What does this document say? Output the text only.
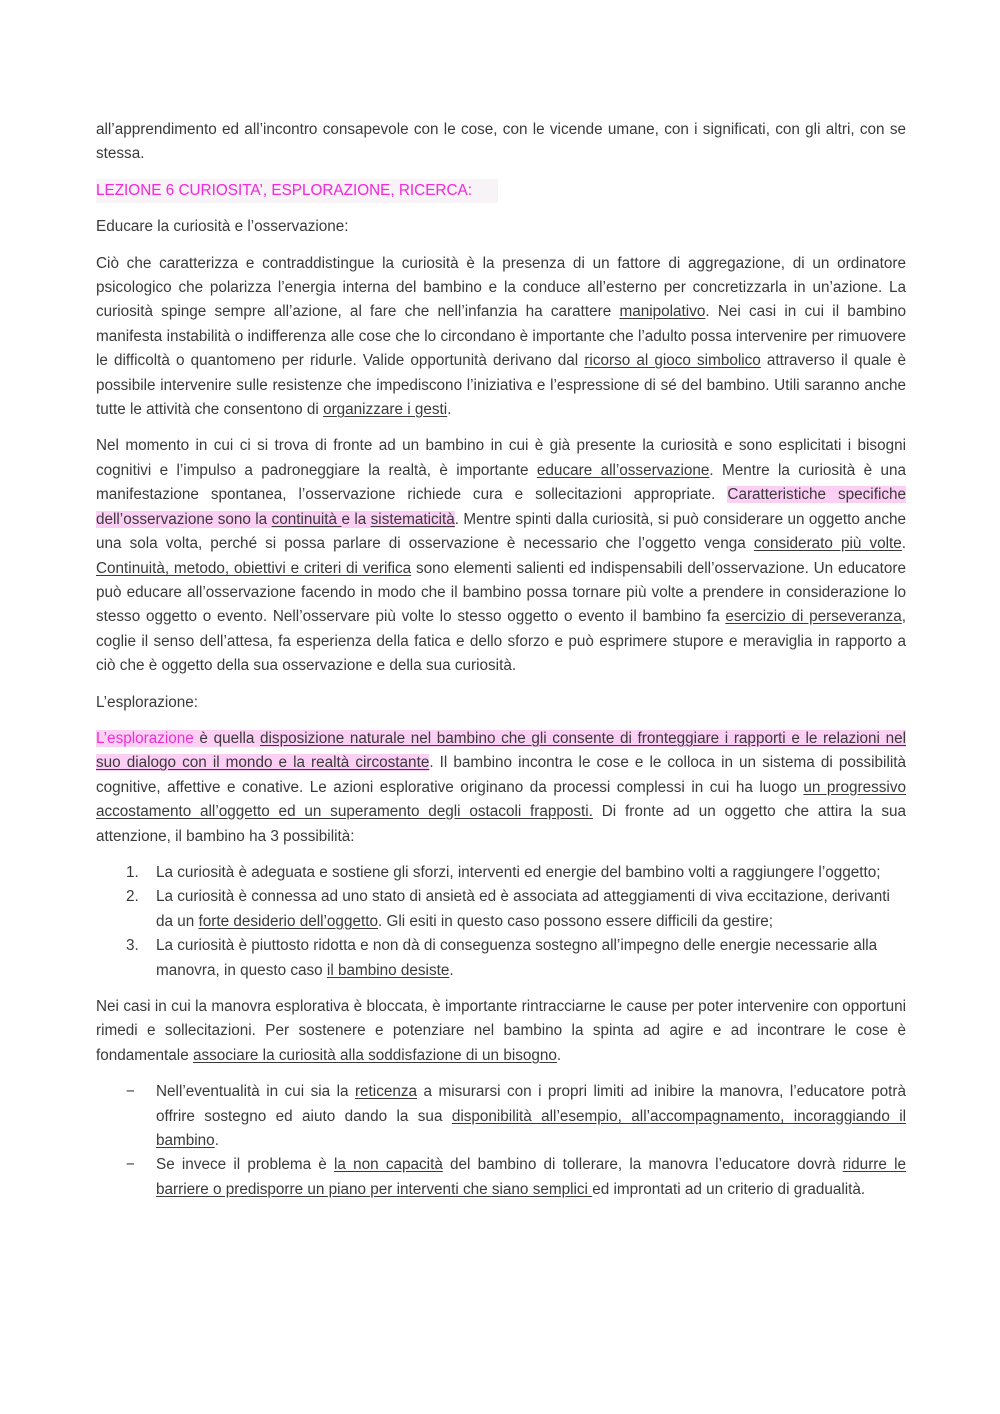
all’apprendimento ed all’incontro consapevole con le cose, con le vicende umane, con i significati, con gli altri, con se stessa.

LEZIONE 6 CURIOSITA’, ESPLORAZIONE, RICERCA:

Educare la curiosità e l’osservazione:

Ciò che caratterizza e contraddistingue la curiosità è la presenza di un fattore di aggregazione, di un ordinatore psicologico che polarizza l’energia interna del bambino e la conduce all’esterno per concretizzarla in un’azione. La curiosità spinge sempre all’azione, al fare che nell’infanzia ha carattere manipolativo. Nei casi in cui il bambino manifesta instabilità o indifferenza alle cose che lo circondano è importante che l’adulto possa intervenire per rimuovere le difficoltà o quantomeno per ridurle. Valide opportunità derivano dal ricorso al gioco simbolico attraverso il quale è possibile intervenire sulle resistenze che impediscono l’iniziativa e l’espressione di sé del bambino. Utili saranno anche tutte le attività che consentono di organizzare i gesti.

Nel momento in cui ci si trova di fronte ad un bambino in cui è già presente la curiosità e sono esplicitati i bisogni cognitivi e l’impulso a padroneggiare la realtà, è importante educare all’osservazione. Mentre la curiosità è una manifestazione spontanea, l’osservazione richiede cura e sollecitazioni appropriate. Caratteristiche specifiche dell’osservazione sono la continuità e la sistematicità. Mentre spinti dalla curiosità, si può considerare un oggetto anche una sola volta, perché si possa parlare di osservazione è necessario che l’oggetto venga considerato più volte. Continuità, metodo, obiettivi e criteri di verifica sono elementi salienti ed indispensabili dell’osservazione. Un educatore può educare all’osservazione facendo in modo che il bambino possa tornare più volte a prendere in considerazione lo stesso oggetto o evento. Nell’osservare più volte lo stesso oggetto o evento il bambino fa esercizio di perseveranza, coglie il senso dell’attesa, fa esperienza della fatica e dello sforzo e può esprimere stupore e meraviglia in rapporto a ciò che è oggetto della sua osservazione e della sua curiosità.

L’esplorazione:

L’esplorazione è quella disposizione naturale nel bambino che gli consente di fronteggiare i rapporti e le relazioni nel suo dialogo con il mondo e la realtà circostante. Il bambino incontra le cose e le colloca in un sistema di possibilità cognitive, affettive e conative. Le azioni esplorative originano da processi complessi in cui ha luogo un progressivo accostamento all’oggetto ed un superamento degli ostacoli frapposti. Di fronte ad un oggetto che attira la sua attenzione, il bambino ha 3 possibilità:

1. La curiosità è adeguata e sostiene gli sforzi, interventi ed energie del bambino volti a raggiungere l’oggetto;
2. La curiosità è connessa ad uno stato di ansietà ed è associata ad atteggiamenti di viva eccitazione, derivanti da un forte desiderio dell’oggetto. Gli esiti in questo caso possono essere difficili da gestire;
3. La curiosità è piuttosto ridotta e non dà di conseguenza sostegno all’impegno delle energie necessarie alla manovra, in questo caso il bambino desiste.

Nei casi in cui la manovra esplorativa è bloccata, è importante rintracciarne le cause per poter intervenire con opportuni rimedi e sollecitazioni. Per sostenere e potenziare nel bambino la spinta ad agire e ad incontrare le cose è fondamentale associare la curiosità alla soddisfazione di un bisogno.

− Nell’eventualità in cui sia la reticenza a misurarsi con i propri limiti ad inibire la manovra, l’educatore potrà offrire sostegno ed aiuto dando la sua disponibilità all’esempio, all’accompagnamento, incoraggiando il bambino.
− Se invece il problema è la non capacità del bambino di tollerare, la manovra l’educatore dovrà ridurre le barriere o predisporre un piano per interventi che siano semplici ed improntati ad un criterio di gradualità.
